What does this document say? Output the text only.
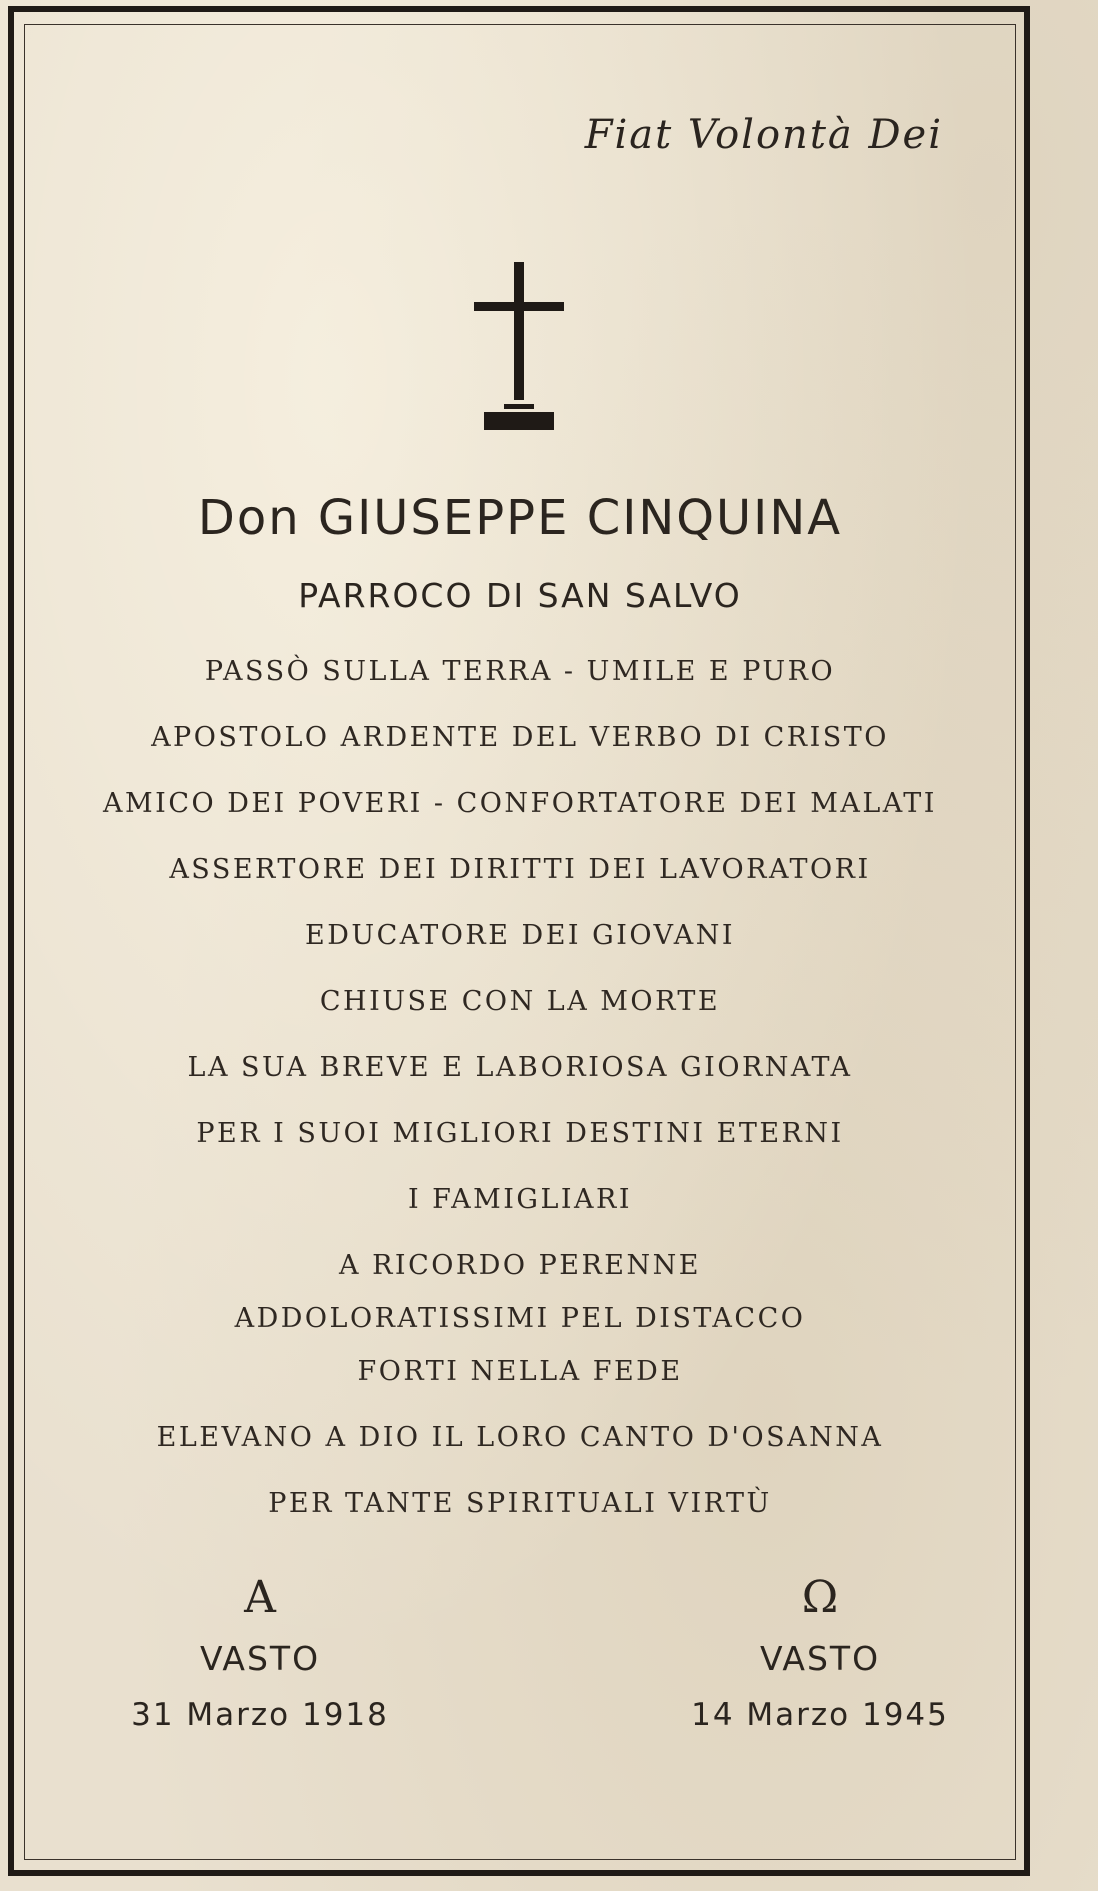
Fiat Volontà Dei
Don GIUSEPPE CINQUINA
PARROCO DI SAN SALVO
PASSÒ SULLA TERRA - UMILE E PURO
APOSTOLO ARDENTE DEL VERBO DI CRISTO
AMICO DEI POVERI - CONFORTATORE DEI MALATI
ASSERTORE DEI DIRITTI DEI LAVORATORI
EDUCATORE DEI GIOVANI
CHIUSE CON LA MORTE
LA SUA BREVE E LABORIOSA GIORNATA
PER I SUOI MIGLIORI DESTINI ETERNI
I FAMIGLIARI
A RICORDO PERENNE
ADDOLORATISSIMI PEL DISTACCO
FORTI NELLA FEDE
ELEVANO A DIO IL LORO CANTO D'OSANNA
PER TANTE SPIRITUALI VIRTÙ
A
VASTO
31 Marzo 1918
Ω
VASTO
14 Marzo 1945
